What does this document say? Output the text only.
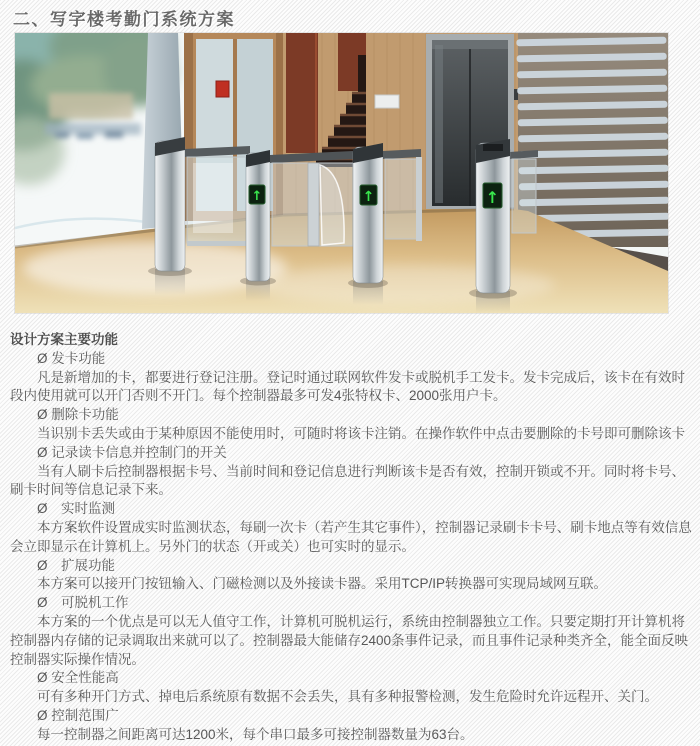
二、写字楼考勤门系统方案
↑	↑	↑

设计方案主要功能

Ø 发卡功能

凡是新增加的卡，都要进行登记注册。登记时通过联网软件发卡或脱机手工发卡。发卡完成后，该卡在有效时段内使用就可以开门否则不开门。每个控制器最多可发4张特权卡、2000张用户卡。

Ø 删除卡功能

当识别卡丢失或由于某种原因不能使用时，可随时将该卡注销。在操作软件中点击要删除的卡号即可删除该卡

Ø 记录读卡信息并控制门的开关

当有人刷卡后控制器根据卡号、当前时间和登记信息进行判断该卡是否有效，控制开锁或不开。同时将卡号、刷卡时间等信息记录下来。

Ø　实时监测

本方案软件设置成实时监测状态，每刷一次卡（若产生其它事件），控制器记录刷卡卡号、刷卡地点等有效信息会立即显示在计算机上。另外门的状态（开或关）也可实时的显示。

Ø　扩展功能

本方案可以接开门按钮输入、门磁检测以及外接读卡器。采用TCP/IP转换器可实现局域网互联。

Ø　可脱机工作

本方案的一个优点是可以无人值守工作，计算机可脱机运行，系统由控制器独立工作。只要定期打开计算机将控制器内存储的记录调取出来就可以了。控制器最大能储存2400条事件记录，而且事件记录种类齐全，能全面反映控制器实际操作情况。

Ø 安全性能高

可有多种开门方式、掉电后系统原有数据不会丢失，具有多种报警检测，发生危险时允许远程开、关门。

Ø 控制范围广

每一控制器之间距离可达1200米，每个串口最多可接控制器数量为63台。
